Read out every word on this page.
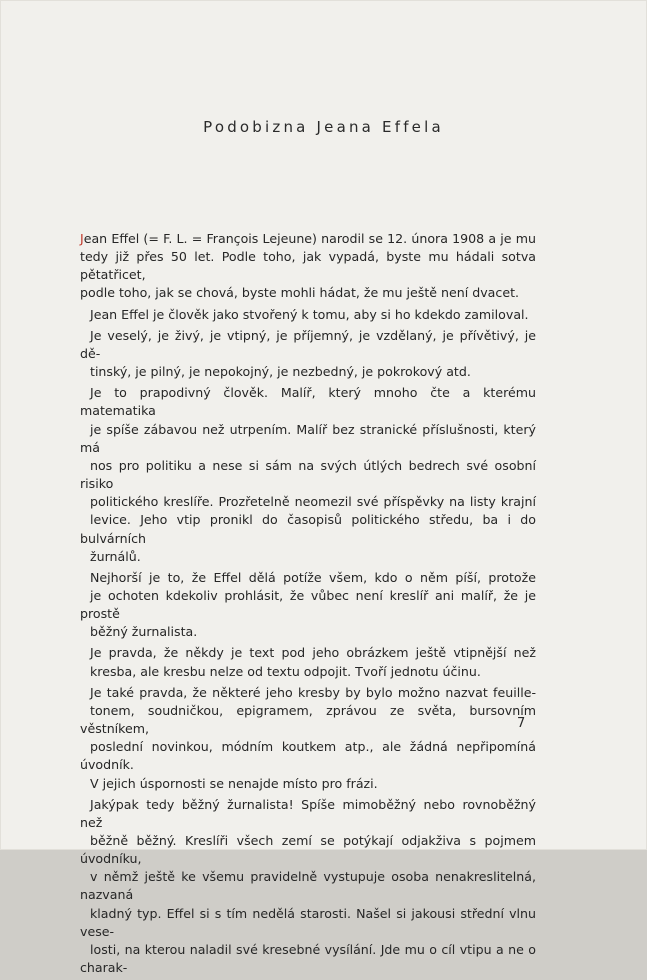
Podobizna Jeana Effela

Jean Effel (= F. L. = François Lejeune) narodil se 12. února 1908 a je mu
tedy již přes 50 let. Podle toho, jak vypadá, byste mu hádali sotva pětatřicet,
podle toho, jak se chová, byste mohli hádat, že mu ještě není dvacet.

Jean Effel je člověk jako stvořený k tomu, aby si ho kdekdo zamiloval.

Je veselý, je živý, je vtipný, je příjemný, je vzdělaný, je přívětivý, je dě-
tinský, je pilný, je nepokojný, je nezbedný, je pokrokový atd.

Je to prapodivný člověk. Malíř, který mnoho čte a kterému matematika
je spíše zábavou než utrpením. Malíř bez stranické příslušnosti, který má
nos pro politiku a nese si sám na svých útlých bedrech své osobní risiko
politického kreslíře. Prozřetelně neomezil své příspěvky na listy krajní
levice. Jeho vtip pronikl do časopisů politického středu, ba i do bulvárních
žurnálů.

Nejhorší je to, že Effel dělá potíže všem, kdo o něm píší, protože
je ochoten kdekoliv prohlásit, že vůbec není kreslíř ani malíř, že je prostě
běžný žurnalista.

Je pravda, že někdy je text pod jeho obrázkem ještě vtipnější než
kresba, ale kresbu nelze od textu odpojit. Tvoří jednotu účinu.

Je také pravda, že některé jeho kresby by bylo možno nazvat feuille-
tonem, soudničkou, epigramem, zprávou ze světa, bursovním věstníkem,
poslední novinkou, módním koutkem atp., ale žádná nepřipomíná úvodník.
V jejich úspornosti se nenajde místo pro frázi.

Jakýpak tedy běžný žurnalista! Spíše mimoběžný nebo rovnoběžný než
běžně běžný. Kreslíři všech zemí se potýkají odjakživa s pojmem úvodníku,
v němž ještě ke všemu pravidelně vystupuje osoba nenakreslitelná, nazvaná
kladný typ. Effel si s tím nedělá starosti. Našel si jakousi střední vlnu vese-
losti, na kterou naladil své kresebné vysílání. Jde mu o cíl vtipu a ne o charak-

7
